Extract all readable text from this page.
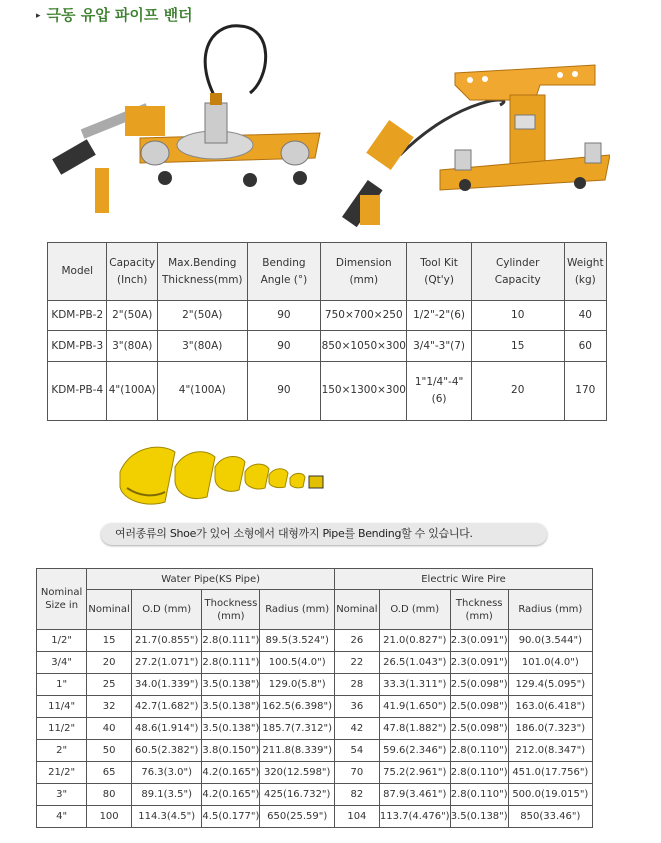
▸ 극동 유압 파이프 밴더
Model	Capacity (Inch)	Max.Bending Thickness(mm)	Bending Angle (°)	Dimension (mm)	Tool Kit (Qt'y)	Cylinder Capacity	Weight (kg)
KDM-PB-2	2"(50A)	2"(50A)	90	750×700×250	1/2"-2"(6)	10	40
KDM-PB-3	3"(80A)	3"(80A)	90	850×1050×300	3/4"-3"(7)	15	60
KDM-PB-4	4"(100A)	4"(100A)	90	150×1300×300	1"1/4"-4" (6)	20	170
여러종류의 Shoe가 있어 소형에서 대형까지 Pipe를 Bending할 수 있습니다.
Nominal Size in	Water Pipe(KS Pipe)				Electric Wire Pire			
	Nominal	O.D (mm)	Thockness (mm)	Radius (mm)	Nominal	O.D (mm)	Thckness (mm)	Radius (mm)
1/2"	15	21.7(0.855")	2.8(0.111")	89.5(3.524")	26	21.0(0.827")	2.3(0.091")	90.0(3.544")
3/4"	20	27.2(1.071")	2.8(0.111")	100.5(4.0")	22	26.5(1.043")	2.3(0.091")	101.0(4.0")
1"	25	34.0(1.339")	3.5(0.138")	129.0(5.8")	28	33.3(1.311")	2.5(0.098")	129.4(5.095")
11/4"	32	42.7(1.682")	3.5(0.138")	162.5(6.398")	36	41.9(1.650")	2.5(0.098")	163.0(6.418")
11/2"	40	48.6(1.914")	3.5(0.138")	185.7(7.312")	42	47.8(1.882")	2.5(0.098")	186.0(7.323")
2"	50	60.5(2.382")	3.8(0.150")	211.8(8.339")	54	59.6(2.346")	2.8(0.110")	212.0(8.347")
21/2"	65	76.3(3.0")	4.2(0.165")	320(12.598")	70	75.2(2.961")	2.8(0.110")	451.0(17.756")
3"	80	89.1(3.5")	4.2(0.165")	425(16.732")	82	87.9(3.461")	2.8(0.110")	500.0(19.015")
4"	100	114.3(4.5")	4.5(0.177")	650(25.59")	104	113.7(4.476")	3.5(0.138")	850(33.46")
